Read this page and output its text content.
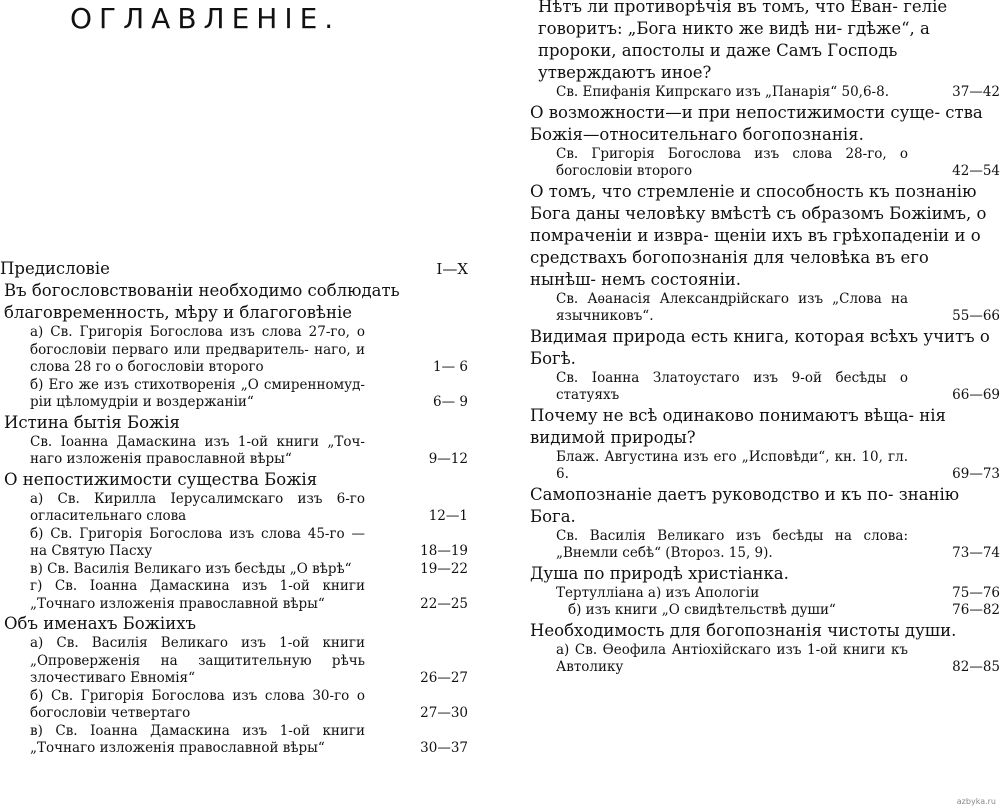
ОГЛАВЛЕНІЕ.
Предисловіе	I—X
Въ богословствованіи необходимо соблюдать благовременность, мѣру и благоговѣніе
а) Св. Григорія Богослова изъ слова 27-го, о богословіи перваго или предваритель- наго, и слова 28 го о богословіи второго	1— 6
б) Его же изъ стихотворенія „О смиренномуд- ріи цѣломудріи и воздержаніи“	6— 9
Истина бытія Божія
Св. Іоанна Дамаскина изъ 1-ой книги „Точ- наго изложенія православной вѣры“	9—12
О непостижимости существа Божія
а) Св. Кирилла Іерусалимскаго изъ 6-го огласительнаго слова	12—1
б) Св. Григорія Богослова изъ слова 45-го — на Святую Пасху	18—19
в) Св. Василія Великаго изъ бесѣды „О вѣрѣ“	19—22
г) Св. Іоанна Дамаскина изъ 1-ой книги „Точнаго изложенія православной вѣры“	22—25
Объ именахъ Божіихъ
а) Св. Василія Великаго изъ 1-ой книги „Опроверженія на защитительную рѣчь злочестиваго Евномія“	26—27
б) Св. Григорія Богослова изъ слова 30-го о богословіи четвертаго	27—30
в) Св. Іоанна Дамаскина изъ 1-ой книги „Точнаго изложенія православной вѣры“	30—37
Нѣтъ ли противорѣчія въ томъ, что Еван- геліе говоритъ: „Бога никто же видѣ ни- гдѣже“, а пророки, апостолы и даже Самъ Господь утверждаютъ иное?
Св. Епифанія Кипрскаго изъ „Панарія“ 50,6-8.	37—42
О возможности—и при непостижимости суще- ства Божія—относительнаго богопознанія.
Св. Григорія Богослова изъ слова 28-го, о богословіи второго	42—54
О томъ, что стремленіе и способность къ познанію Бога даны человѣку вмѣстѣ съ образомъ Божіимъ, о помраченіи и извра- щеніи ихъ въ грѣхопаденіи и о средствахъ богопознанія для человѣка въ его нынѣш- немъ состояніи.
Св. Аѳанасія Александрійскаго изъ „Слова на язычниковъ“.	55—66
Видимая природа есть книга, которая всѣхъ учитъ о Богѣ.
Св. Іоанна Златоустаго изъ 9-ой бесѣды о статуяхъ	66—69
Почему не всѣ одинаково понимаютъ вѣща- нія видимой природы?
Блаж. Августина изъ его „Исповѣди“, кн. 10, гл. 6.	69—73
Самопознаніе даетъ руководство и къ по- знанію Бога.
Св. Василія Великаго изъ бесѣды на слова: „Внемли себѣ“ (Второз. 15, 9).	73—74
Душа по природѣ христіанка.
Тертулліана а) изъ Апологіи	75—76
б) изъ книги „О свидѣтельствѣ души“	76—82
Необходимость для богопознанія чистоты души.
а) Св. Ѳеофила Антіохійскаго изъ 1-ой книги къ Автолику	82—85
azbyka.ru
